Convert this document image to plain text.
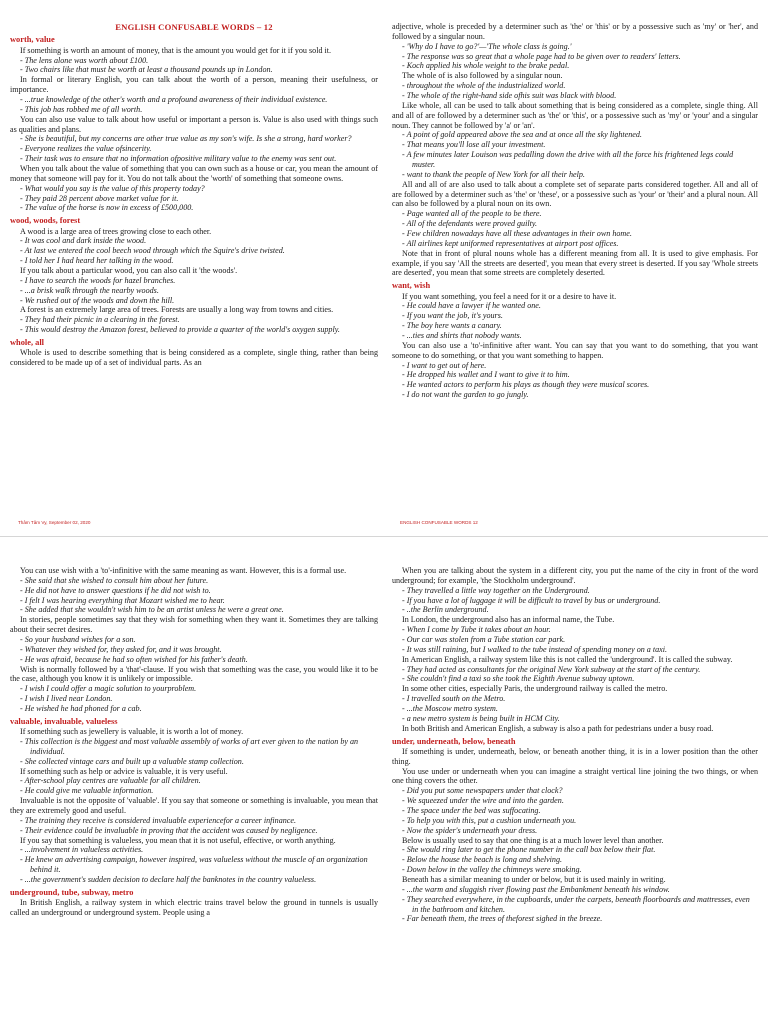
ENGLISH CONFUSABLE WORDS – 12
worth, value
If something is worth an amount of money, that is the amount you would get for it if you sold it.
- The lens alone was worth about £100.
- Two chairs like that must be worth at least a thousand pounds up in London.
In formal or literary English, you can talk about the worth of a person, meaning their usefulness, or importance.
- ...true knowledge of the other's worth and a profound awareness of their individual existence.
- This job has robbed me of all worth.
You can also use value to talk about how useful or important a person is. Value is also used with things such as qualities and plans.
- She is beautiful, but my concerns are other true value as my son's wife. Is she a strong, hard worker?
- Everyone realizes the value ofsincerity.
- Their task was to ensure that no information ofpositive military value to the enemy was sent out.
When you talk about the value of something that you can own such as a house or car, you mean the amount of money that someone will pay for it. You do not talk about the 'worth' of something that someone owns.
- What would you say is the value of this property today?
- They paid 28 percent above market value for it.
- The value of the horse is now in excess of £500,000.
wood, woods, forest
A wood is a large area of trees growing close to each other.
- It was cool and dark inside the wood.
- At last we entered the cool beech wood through which the Squire's drive twisted.
- I told her I had heard her talking in the wood.
If you talk about a particular wood, you can also call it 'the woods'.
- I have to search the woods for hazel branches.
- ...a brisk walk through the nearby woods.
- We rushed out of the woods and down the hill.
A forest is an extremely large area of trees. Forests are usually a long way from towns and cities.
- They had their picnic in a clearing in the forest.
- This would destroy the Amazon forest, believed to provide a quarter of the world's oxygen supply.
whole, all
Whole is used to describe something that is being considered as a complete, single thing, rather than being considered to be made up of a set of individual parts. As an
Thâm Tâm Vy, September 02, 2020
adjective, whole is preceded by a determiner such as 'the' or 'this' or by a possessive such as 'my' or 'her', and followed by a singular noun.
- 'Why do I have to go?'—'The whole class is going.'
- The response was so great that a whole page had to be given over to readers' letters.
- Koch applied his whole weight to the brake pedal.
The whole of is also followed by a singular noun.
- throughout the whole of the industrialized world.
- The whole of the right-hand side ofhis suit was black with blood.
Like whole, all can be used to talk about something that is being considered as a complete, single thing. All and all of are followed by a determiner such as 'the' or 'this', or a possessive such as 'my' or 'your' and a singular noun. They cannot be followed by 'a' or 'an'.
- A point of gold appeared above the sea and at once all the sky lightened.
- That means you'll lose all your investment.
- A few minutes later Louison was pedalling down the drive with all the force his frightened legs could muster.
- want to thank the people of New York for all their help.
All and all of are also used to talk about a complete set of separate parts considered together. All and all of are followed by a determiner such as 'the' or 'these', or a possessive such as 'your' or 'their' and a plural noun. All can also be followed by a plural noun on its own.
- Page wanted all of the people to be there.
- All of the defendants were proved guilty.
- Few children nowadays have all these advantages in their own home.
- All airlines kept uniformed representatives at airport post offices.
Note that in front of plural nouns whole has a different meaning from all. It is used to give emphasis. For example, if you say 'All the streets are deserted', you mean that every street is deserted. If you say 'Whole streets are deserted', you mean that some streets are completely deserted.
want, wish
If you want something, you feel a need for it or a desire to have it.
- He could have a lawyer if he wanted one.
- If you want the job, it's yours.
- The boy here wants a canary.
- ...ties and shirts that nobody wants.
You can also use a 'to'-infinitive after want. You can say that you want to do something, that you want someone to do something, or that you want something to happen.
- I want to get out of here.
- He dropped his wallet and I want to give it to him.
- He wanted actors to perform his plays as though they were musical scores.
- I do not want the garden to go jungly.
ENGLISH CONFUSABLE WORDS 12
You can use wish with a 'to'-infinitive with the same meaning as want. However, this is a formal use.
- She said that she wished to consult him about her future.
- He did not have to answer questions if he did not wish to.
- I felt I was hearing everything that Mozart wished me to hear.
- She added that she wouldn't wish him to be an artist unless he were a great one.
In stories, people sometimes say that they wish for something when they want it. Sometimes they are talking about their secret desires.
- So your husband wishes for a son.
- Whatever they wished for, they asked for, and it was brought.
- He was afraid, because he had so often wished for his father's death.
Wish is normally followed by a 'that'-clause. If you wish that something was the case, you would like it to be the case, although you know it is unlikely or impossible.
- I wish I could offer a magic solution to yourproblem.
- I wish I lived near London.
- He wished he had phoned for a cab.
valuable, invaluable, valueless
If something such as jewellery is valuable, it is worth a lot of money.
- This collection is the biggest and most valuable assembly of works of art ever given to the nation by an individual.
- She collected vintage cars and built up a valuable stamp collection.
If something such as help or advice is valuable, it is very useful.
- After-school play centres are valuable for all children.
- He could give me valuable information.
Invaluable is not the opposite of 'valuable'. If you say that someone or something is invaluable, you mean that they are extremely good and useful.
- The training they receive is considered invaluable experiencefor a career infinance.
- Their evidence could be invaluable in proving that the accident was caused by negligence.
If you say that something is valueless, you mean that it is not useful, effective, or worth anything.
- ...involvement in valueless activities.
- He knew an advertising campaign, however inspired, was valueless without the muscle of an organization behind it.
- ...the government's sudden decision to declare half the banknotes in the country valueless.
underground, tube, subway, metro
In British English, a railway system in which electric trains travel below the ground in tunnels is usually called an underground or underground system. People using a
When you are talking about the system in a different city, you put the name of the city in front of the word underground; for example, 'the Stockholm underground'.
- They travelled a little way together on the Underground.
- If you have a lot of luggage it will be difficult to travel by bus or underground.
- ..the Berlin underground.
In London, the underground also has an informal name, the Tube.
- When I come by Tube it takes about an hour.
- Our car was stolen from a Tube station car park.
- It was still raining, but I walked to the tube instead of spending money on a taxi.
In American English, a railway system like this is not called the 'underground'. It is called the subway.
- They had acted as consultants for the original New York subway at the start of the century.
- She couldn't find a taxi so she took the Eighth Avenue subway uptown.
In some other cities, especially Paris, the underground railway is called the metro.
- I travelled south on the Metro.
- ...the Moscow metro system.
- a new metro system is being built in HCM City.
In both British and American English, a subway is also a path for pedestrians under a busy road.
under, underneath, below, beneath
If something is under, underneath, below, or beneath another thing, it is in a lower position than the other thing.
You use under or underneath when you can imagine a straight vertical line joining the two things, or when one thing covers the other.
- Did you put some newspapers under that clock?
- We squeezed under the wire and into the garden.
- The space under the bed was suffocating.
- To help you with this, put a cushion underneath you.
- Now the spider's underneath your dress.
Below is usually used to say that one thing is at a much lower level than another.
- She would ring later to get the phone number in the call box below their flat.
- Below the house the beach is long and shelving.
- Down below in the valley the chimneys were smoking.
Beneath has a similar meaning to under or below, but it is used mainly in writing.
- ...the warm and sluggish river flowing past the Embankment beneath his window.
- They searched everywhere, in the cupboards, under the carpets, beneath floorboards and mattresses, even in the bathroom and kitchen.
- Far beneath them, the trees of theforest sighed in the breeze.
